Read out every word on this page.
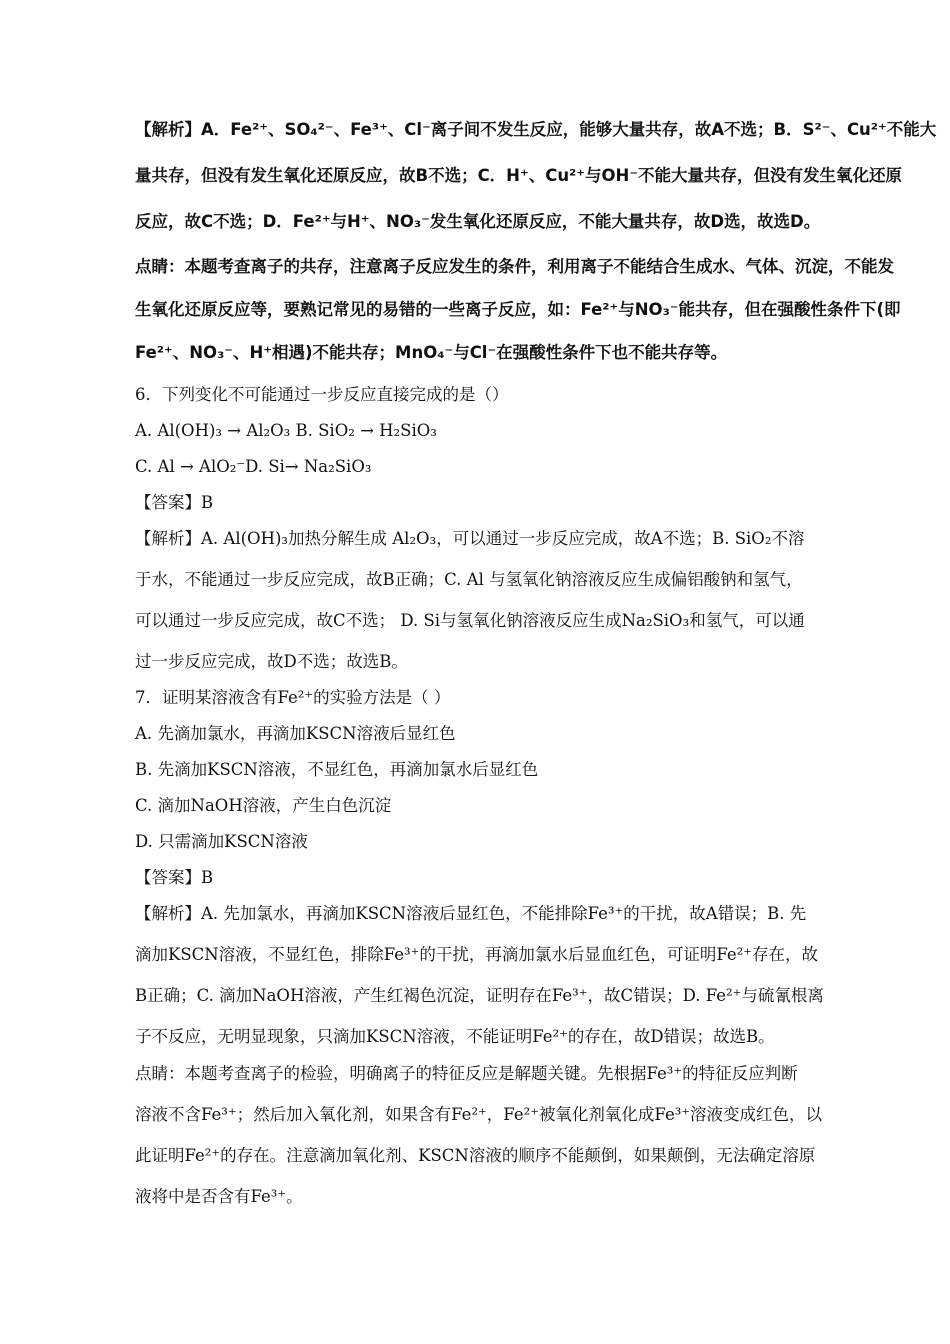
【解析】A．Fe²⁺、SO₄²⁻、Fe³⁺、Cl⁻离子间不发生反应，能够大量共存，故A不选；B．S²⁻、Cu²⁺不能大
量共存，但没有发生氧化还原反应，故B不选；C．H⁺、Cu²⁺与OH⁻不能大量共存，但没有发生氧化还原
反应，故C不选；D．Fe²⁺与H⁺、NO₃⁻发生氧化还原反应，不能大量共存，故D选，故选D。
点睛：本题考查离子的共存，注意离子反应发生的条件，利用离子不能结合生成水、气体、沉淀，不能发
生氧化还原反应等，要熟记常见的易错的一些离子反应，如：Fe²⁺与NO₃⁻能共存，但在强酸性条件下(即
Fe²⁺、NO₃⁻、H⁺相遇)不能共存；MnO₄⁻与Cl⁻在强酸性条件下也不能共存等。
6．下列变化不可能通过一步反应直接完成的是（）
A. Al(OH)₃ → Al₂O₃ B. SiO₂ → H₂SiO₃
C. Al → AlO₂⁻D. Si→ Na₂SiO₃
【答案】B
【解析】A. Al(OH)₃加热分解生成 Al₂O₃，可以通过一步反应完成，故A不选；B. SiO₂不溶
于水，不能通过一步反应完成，故B正确；C. Al 与氢氧化钠溶液反应生成偏铝酸钠和氢气，
可以通过一步反应完成，故C不选； D. Si与氢氧化钠溶液反应生成Na₂SiO₃和氢气，可以通
过一步反应完成，故D不选；故选B。
7．证明某溶液含有Fe²⁺的实验方法是（ ）
A. 先滴加氯水，再滴加KSCN溶液后显红色
B. 先滴加KSCN溶液，不显红色，再滴加氯水后显红色
C. 滴加NaOH溶液，产生白色沉淀
D. 只需滴加KSCN溶液
【答案】B
【解析】A. 先加氯水，再滴加KSCN溶液后显红色，不能排除Fe³⁺的干扰，故A错误；B. 先
滴加KSCN溶液，不显红色，排除Fe³⁺的干扰，再滴加氯水后显血红色，可证明Fe²⁺存在，故
B正确；C. 滴加NaOH溶液，产生红褐色沉淀，证明存在Fe³⁺，故C错误；D. Fe²⁺与硫氰根离
子不反应，无明显现象，只滴加KSCN溶液，不能证明Fe²⁺的存在，故D错误；故选B。
点睛：本题考查离子的检验，明确离子的特征反应是解题关键。先根据Fe³⁺的特征反应判断
溶液不含Fe³⁺；然后加入氧化剂，如果含有Fe²⁺，Fe²⁺被氧化剂氧化成Fe³⁺溶液变成红色，以
此证明Fe²⁺的存在。注意滴加氧化剂、KSCN溶液的顺序不能颠倒，如果颠倒，无法确定溶原
液将中是否含有Fe³⁺。
